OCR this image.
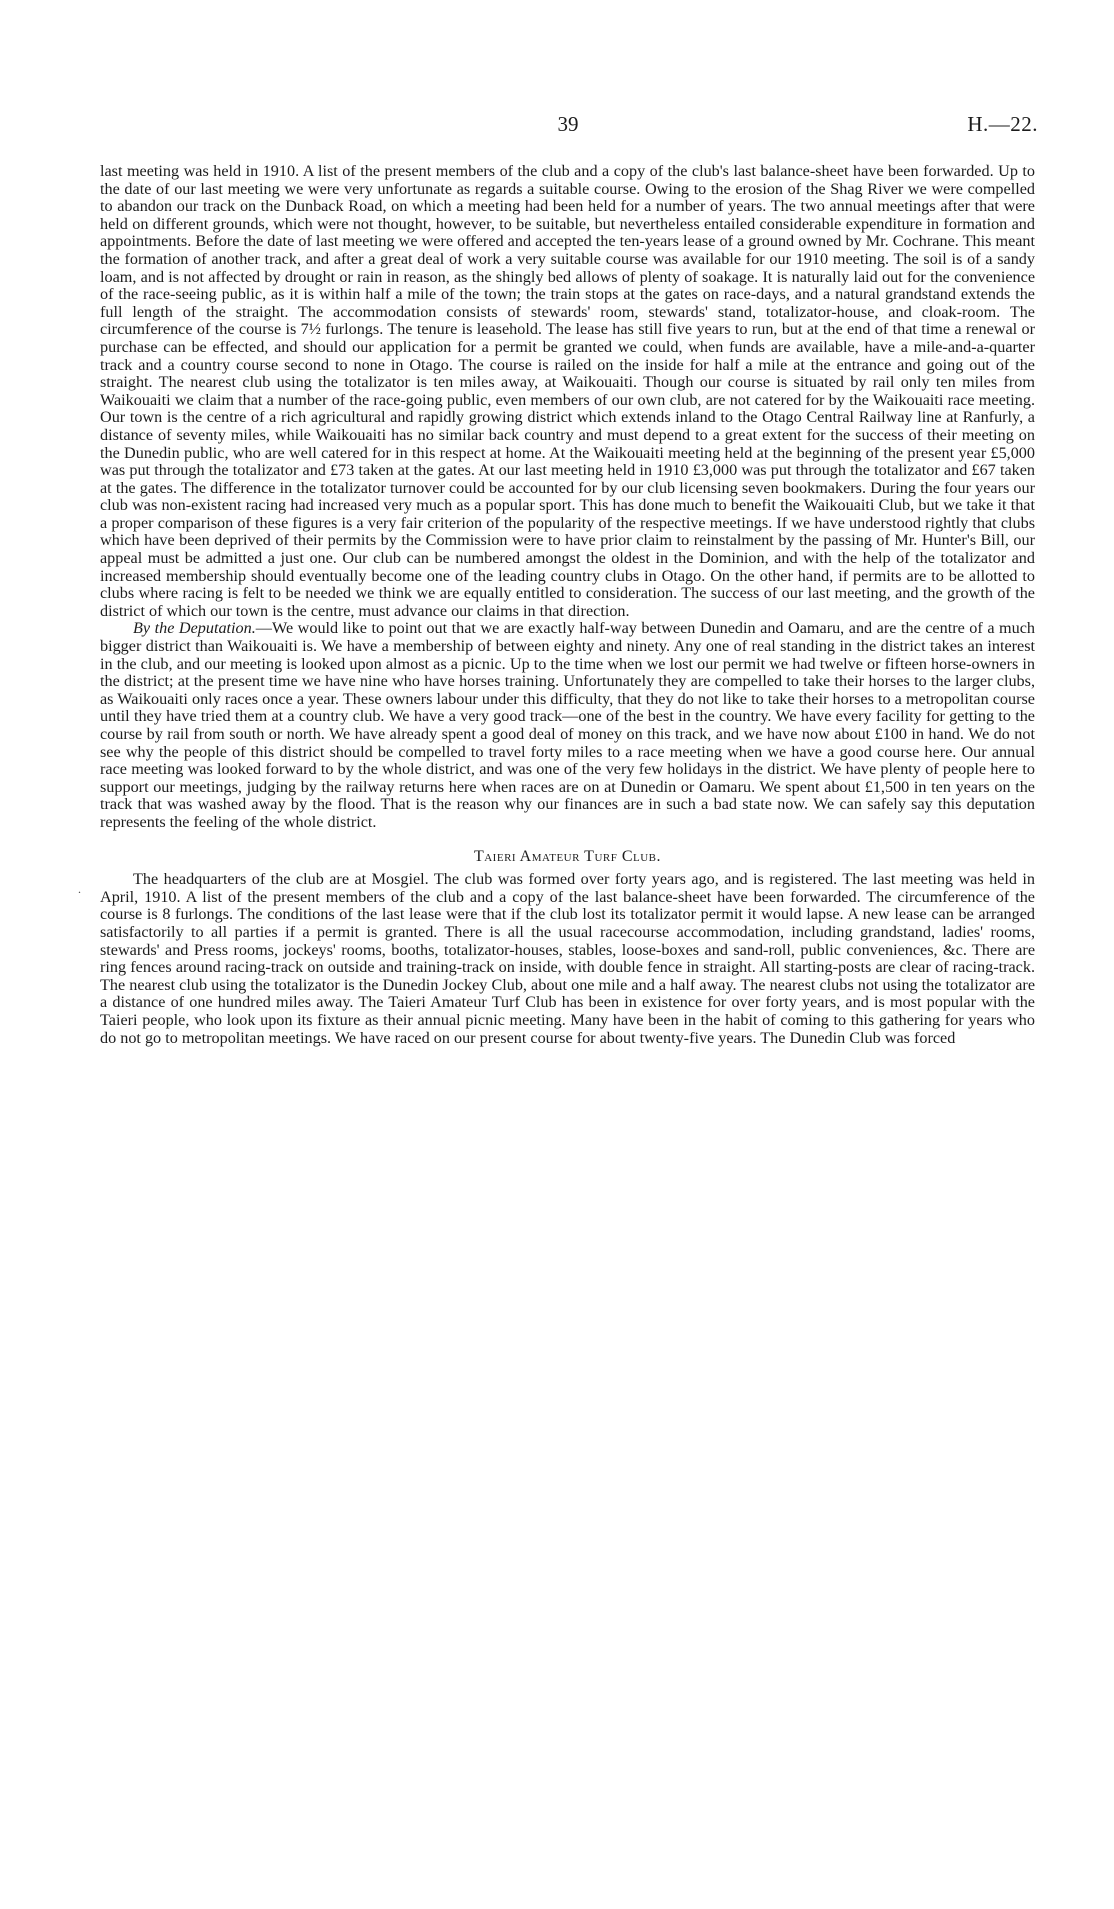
39	H.—22.
.

last meeting was held in 1910. A list of the present members of the club and a copy of the club's last balance-sheet have been forwarded. Up to the date of our last meeting we were very unfortunate as regards a suitable course. Owing to the erosion of the Shag River we were compelled to abandon our track on the Dunback Road, on which a meeting had been held for a number of years. The two annual meetings after that were held on different grounds, which were not thought, however, to be suitable, but nevertheless entailed considerable expenditure in formation and appointments. Before the date of last meeting we were offered and accepted the ten-years lease of a ground owned by Mr. Cochrane. This meant the formation of another track, and after a great deal of work a very suitable course was available for our 1910 meeting. The soil is of a sandy loam, and is not affected by drought or rain in reason, as the shingly bed allows of plenty of soakage. It is naturally laid out for the convenience of the race-seeing public, as it is within half a mile of the town; the train stops at the gates on race-days, and a natural grandstand extends the full length of the straight. The accommodation consists of stewards' room, stewards' stand, totalizator-house, and cloak-room. The circumference of the course is 7½ furlongs. The tenure is leasehold. The lease has still five years to run, but at the end of that time a renewal or purchase can be effected, and should our application for a permit be granted we could, when funds are available, have a mile-and-a-quarter track and a country course second to none in Otago. The course is railed on the inside for half a mile at the entrance and going out of the straight. The nearest club using the totalizator is ten miles away, at Waikouaiti. Though our course is situated by rail only ten miles from Waikouaiti we claim that a number of the race-going public, even members of our own club, are not catered for by the Waikouaiti race meeting. Our town is the centre of a rich agricultural and rapidly growing district which extends inland to the Otago Central Railway line at Ranfurly, a distance of seventy miles, while Waikouaiti has no similar back country and must depend to a great extent for the success of their meeting on the Dunedin public, who are well catered for in this respect at home. At the Waikouaiti meeting held at the beginning of the present year £5,000 was put through the totalizator and £73 taken at the gates. At our last meeting held in 1910 £3,000 was put through the totalizator and £67 taken at the gates. The difference in the totalizator turnover could be accounted for by our club licensing seven bookmakers. During the four years our club was non-existent racing had increased very much as a popular sport. This has done much to benefit the Waikouaiti Club, but we take it that a proper comparison of these figures is a very fair criterion of the popularity of the respective meetings. If we have understood rightly that clubs which have been deprived of their permits by the Commission were to have prior claim to reinstalment by the passing of Mr. Hunter's Bill, our appeal must be admitted a just one. Our club can be numbered amongst the oldest in the Dominion, and with the help of the totalizator and increased membership should eventually become one of the leading country clubs in Otago. On the other hand, if permits are to be allotted to clubs where racing is felt to be needed we think we are equally entitled to consideration. The success of our last meeting, and the growth of the district of which our town is the centre, must advance our claims in that direction.

By the Deputation.—We would like to point out that we are exactly half-way between Dunedin and Oamaru, and are the centre of a much bigger district than Waikouaiti is. We have a membership of between eighty and ninety. Any one of real standing in the district takes an interest in the club, and our meeting is looked upon almost as a picnic. Up to the time when we lost our permit we had twelve or fifteen horse-owners in the district; at the present time we have nine who have horses training. Unfortunately they are compelled to take their horses to the larger clubs, as Waikouaiti only races once a year. These owners labour under this difficulty, that they do not like to take their horses to a metropolitan course until they have tried them at a country club. We have a very good track—one of the best in the country. We have every facility for getting to the course by rail from south or north. We have already spent a good deal of money on this track, and we have now about £100 in hand. We do not see why the people of this district should be compelled to travel forty miles to a race meeting when we have a good course here. Our annual race meeting was looked forward to by the whole district, and was one of the very few holidays in the district. We have plenty of people here to support our meetings, judging by the railway returns here when races are on at Dunedin or Oamaru. We spent about £1,500 in ten years on the track that was washed away by the flood. That is the reason why our finances are in such a bad state now. We can safely say this deputation represents the feeling of the whole district.

Taieri Amateur Turf Club.

The headquarters of the club are at Mosgiel. The club was formed over forty years ago, and is registered. The last meeting was held in April, 1910. A list of the present members of the club and a copy of the last balance-sheet have been forwarded. The circumference of the course is 8 furlongs. The conditions of the last lease were that if the club lost its totalizator permit it would lapse. A new lease can be arranged satisfactorily to all parties if a permit is granted. There is all the usual racecourse accommodation, including grandstand, ladies' rooms, stewards' and Press rooms, jockeys' rooms, booths, totalizator-houses, stables, loose-boxes and sand-roll, public conveniences, &c. There are ring fences around racing-track on outside and training-track on inside, with double fence in straight. All starting-posts are clear of racing-track. The nearest club using the totalizator is the Dunedin Jockey Club, about one mile and a half away. The nearest clubs not using the totalizator are a distance of one hundred miles away. The Taieri Amateur Turf Club has been in existence for over forty years, and is most popular with the Taieri people, who look upon its fixture as their annual picnic meeting. Many have been in the habit of coming to this gathering for years who do not go to metropolitan meetings. We have raced on our present course for about twenty-five years. The Dunedin Club was forced
